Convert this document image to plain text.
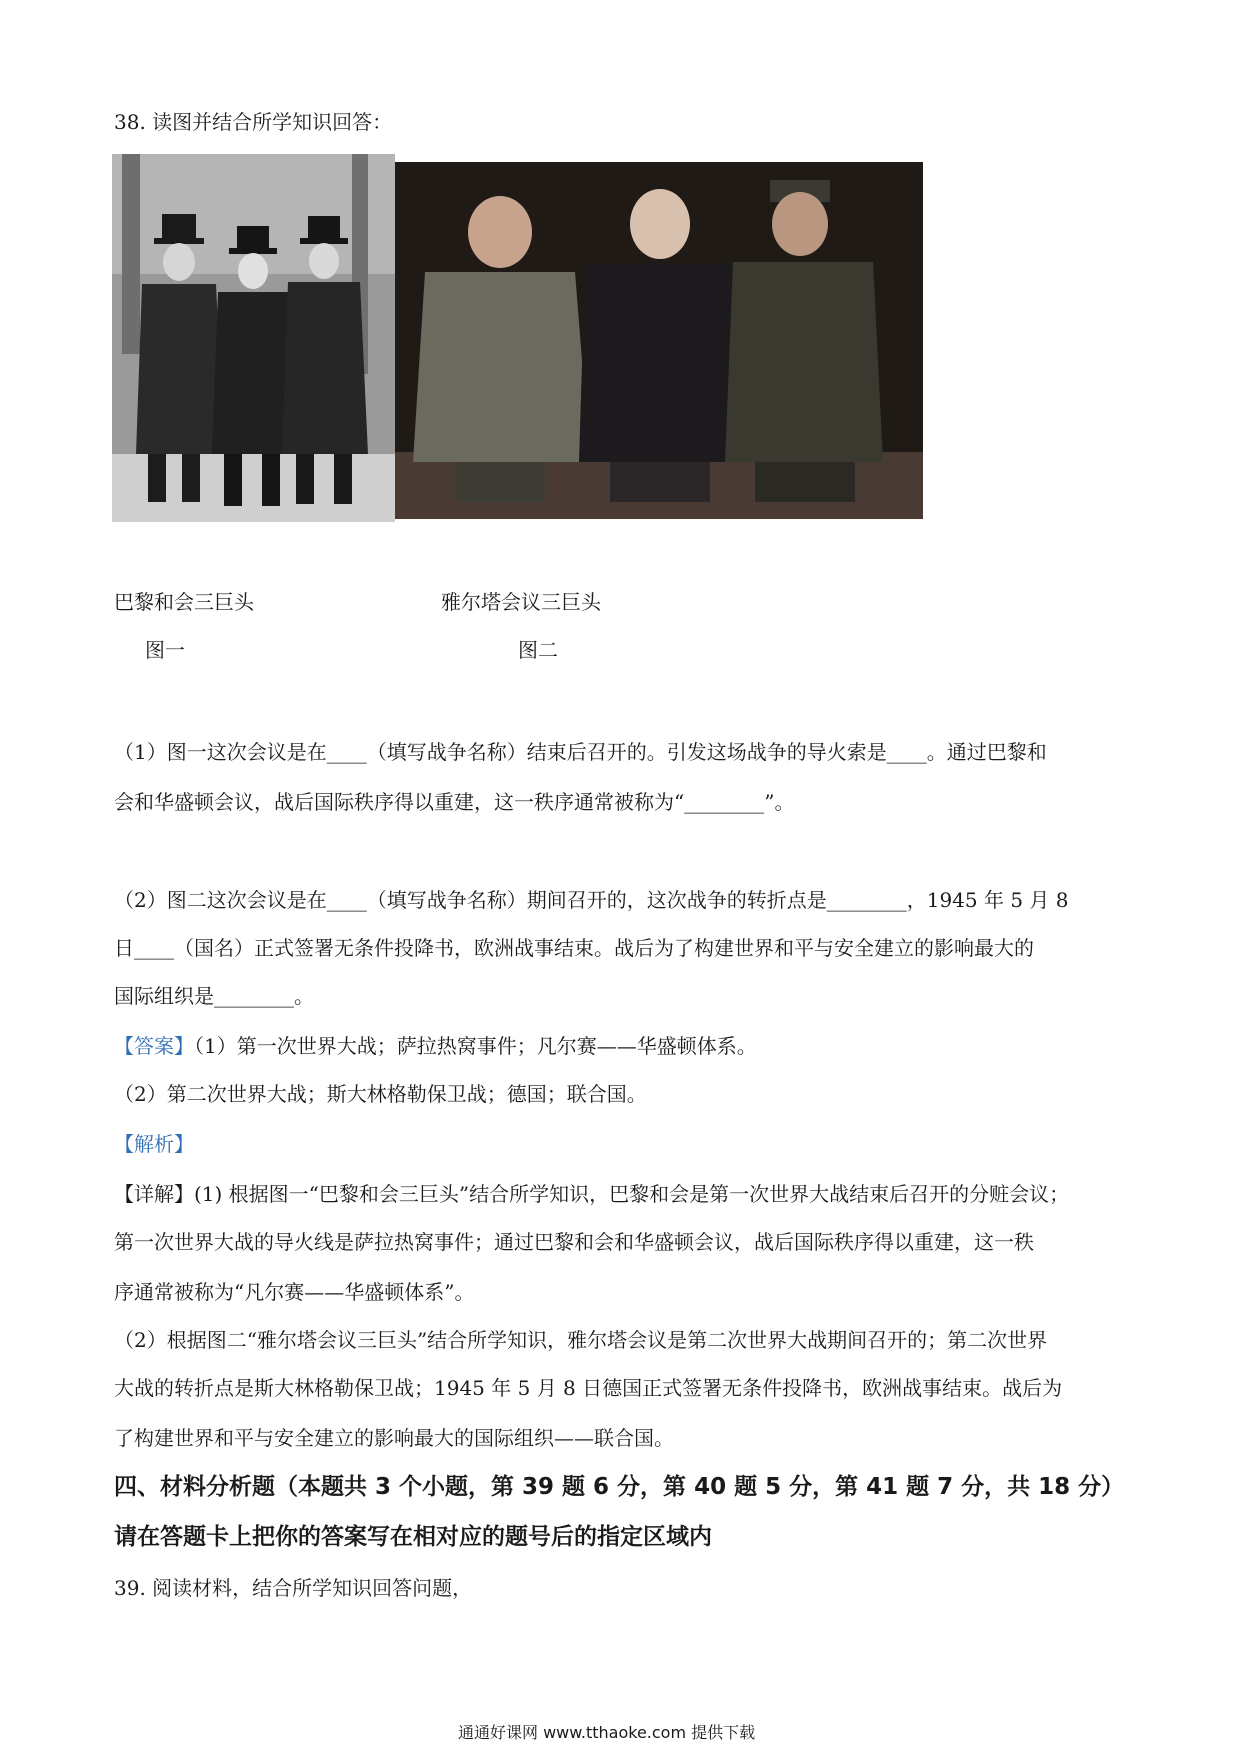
38. 读图并结合所学知识回答：
巴黎和会三巨头	雅尔塔会议三巨头
图一	图二
（1）图一这次会议是在____（填写战争名称）结束后召开的。引发这场战争的导火索是____。通过巴黎和
会和华盛顿会议，战后国际秩序得以重建，这一秩序通常被称为“________”。
（2）图二这次会议是在____（填写战争名称）期间召开的，这次战争的转折点是________，1945 年 5 月 8
日____（国名）正式签署无条件投降书，欧洲战事结束。战后为了构建世界和平与安全建立的影响最大的
国际组织是________。
【答案】（1）第一次世界大战；萨拉热窝事件；凡尔赛——华盛顿体系。
（2）第二次世界大战；斯大林格勒保卫战；德国；联合国。
【解析】
【详解】(1) 根据图一“巴黎和会三巨头”结合所学知识，巴黎和会是第一次世界大战结束后召开的分赃会议；
第一次世界大战的导火线是萨拉热窝事件；通过巴黎和会和华盛顿会议，战后国际秩序得以重建，这一秩
序通常被称为“凡尔赛——华盛顿体系”。
（2）根据图二“雅尔塔会议三巨头”结合所学知识，雅尔塔会议是第二次世界大战期间召开的；第二次世界
大战的转折点是斯大林格勒保卫战；1945 年 5 月 8 日德国正式签署无条件投降书，欧洲战事结束。战后为
了构建世界和平与安全建立的影响最大的国际组织——联合国。
四、材料分析题（本题共 3 个小题，第 39 题 6 分，第 40 题 5 分，第 41 题 7 分，共 18 分）
请在答题卡上把你的答案写在相对应的题号后的指定区域内
39. 阅读材料，结合所学知识回答问题，
通通好课网 www.tthaoke.com 提供下载
